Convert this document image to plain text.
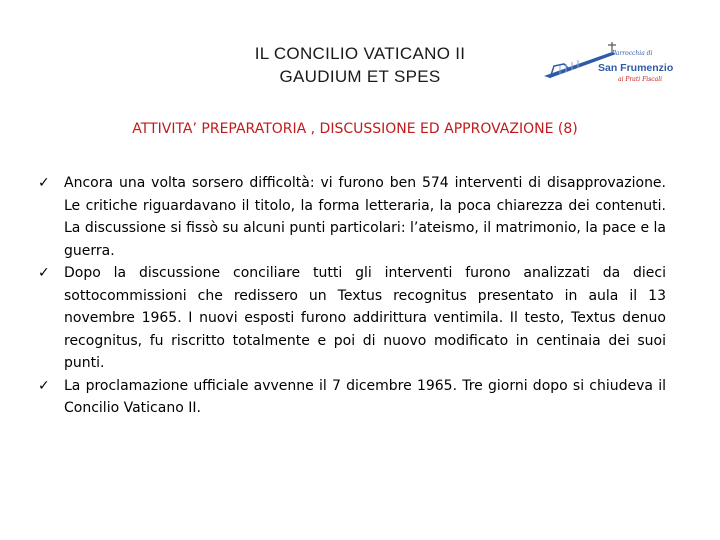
IL CONCILIO VATICANO II
GAUDIUM ET SPES
Parrocchia di
San Frumenzio
ai Prati Fiscali
ATTIVITA’ PREPARATORIA , DISCUSSIONE ED APPROVAZIONE (8)
✓ Ancora una volta sorsero difficoltà: vi furono ben 574 interventi di disapprovazione. Le critiche riguardavano il titolo, la forma letteraria, la poca chiarezza dei contenuti. La discussione si fissò su alcuni punti particolari: l’ateismo, il matrimonio, la pace e la guerra.
✓ Dopo la discussione conciliare tutti gli interventi furono analizzati da dieci sottocommissioni che redissero un Textus recognitus presentato in aula il 13 novembre 1965. I nuovi esposti furono addirittura ventimila. Il testo, Textus denuo recognitus, fu riscritto totalmente e poi di nuovo modificato in centinaia dei suoi punti.
✓ La proclamazione ufficiale avvenne il 7 dicembre 1965. Tre giorni dopo si chiudeva il Concilio Vaticano II.
